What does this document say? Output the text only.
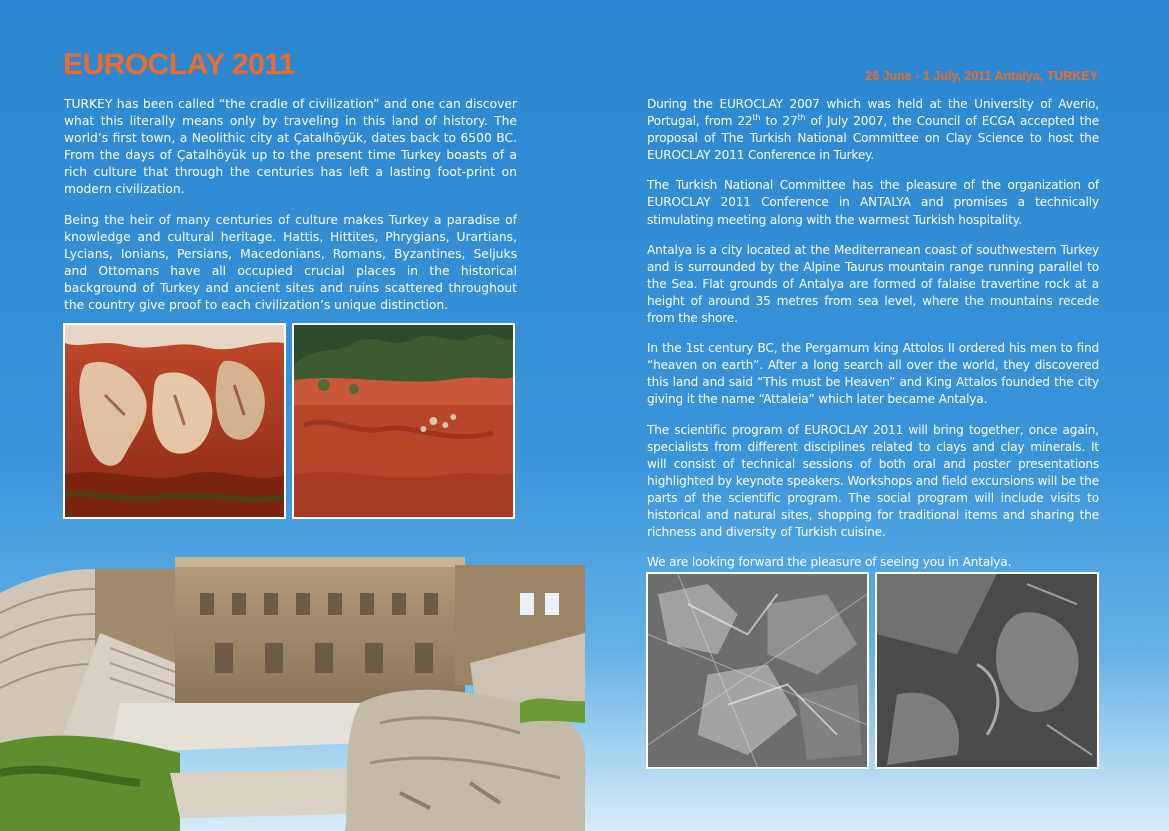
EUROCLAY 2011	26 June - 1 July, 2011 Antalya, TURKEY

TURKEY has been called “the cradle of civilization” and one can discover what this literally means only by traveling in this land of history. The world’s first town, a Neolithic city at Çatalhöyük, dates back to 6500 BC. From the days of Çatalhöyük up to the present time Turkey boasts of a rich culture that through the centuries has left a lasting foot-print on modern civilization.

Being the heir of many centuries of culture makes Turkey a paradise of knowledge and cultural heritage. Hattis, Hittites, Phrygians, Urartians, Lycians, Ionians, Persians, Macedonians, Romans, Byzantines, Seljuks and Ottomans have all occupied crucial places in the historical background of Turkey and ancient sites and ruins scattered throughout the country give proof to each civilization’s unique distinction.

During the EUROCLAY 2007 which was held at the University of Averio, Portugal, from 22th to 27th of July 2007, the Council of ECGA accepted the proposal of The Turkish National Committee on Clay Science to host the EUROCLAY 2011 Conference in Turkey.

The Turkish National Committee has the pleasure of the organization of EUROCLAY 2011 Conference in ANTALYA and promises a technically stimulating meeting along with the warmest Turkish hospitality.

Antalya is a city located at the Mediterranean coast of southwestern Turkey and is surrounded by the Alpine Taurus mountain range running parallel to the Sea. Flat grounds of Antalya are formed of falaise travertine rock at a height of around 35 metres from sea level, where the mountains recede from the shore.

In the 1st century BC, the Pergamum king Attolos II ordered his men to find “heaven on earth”. After a long search all over the world, they discovered this land and said “This must be Heaven” and King Attalos founded the city giving it the name “Attaleia” which later became Antalya.

The scientific program of EUROCLAY 2011 will bring together, once again, specialists from different disciplines related to clays and clay minerals. It will consist of technical sessions of both oral and poster presentations highlighted by keynote speakers. Workshops and field excursions will be the parts of the scientific program. The social program will include visits to historical and natural sites, shopping for traditional items and sharing the richness and diversity of Turkish cuisine.

We are looking forward the pleasure of seeing you in Antalya.
